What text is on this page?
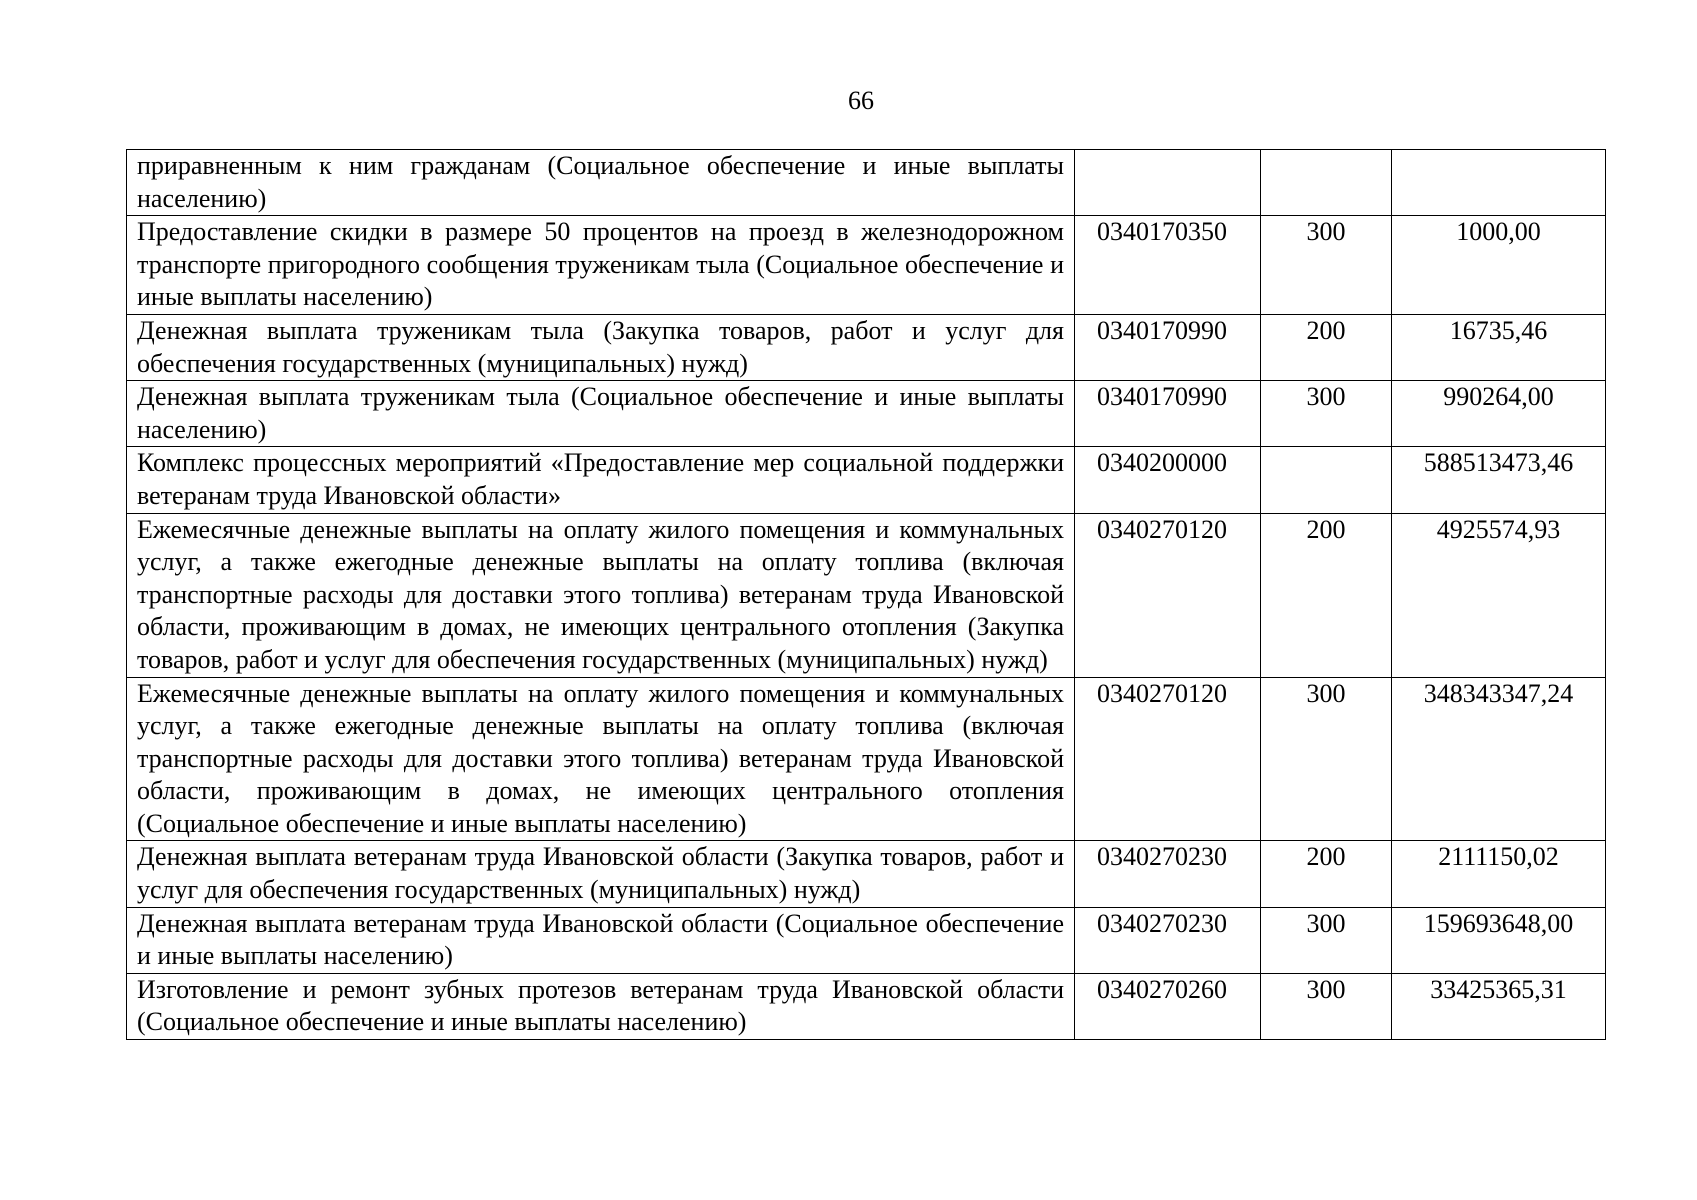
66
приравненным к ним гражданам (Социальное обеспечение и иные выплаты населению)			
Предоставление скидки в размере 50 процентов на проезд в железнодорожном транспорте пригородного сообщения труженикам тыла (Социальное обеспечение и иные выплаты населению)	0340170350	300	1000,00
Денежная выплата труженикам тыла (Закупка товаров, работ и услуг для обеспечения государственных (муниципальных) нужд)	0340170990	200	16735,46
Денежная выплата труженикам тыла (Социальное обеспечение и иные выплаты населению)	0340170990	300	990264,00
Комплекс процессных мероприятий «Предоставление мер социальной поддержки ветеранам труда Ивановской области»	0340200000		588513473,46
Ежемесячные денежные выплаты на оплату жилого помещения и коммунальных услуг, а также ежегодные денежные выплаты на оплату топлива (включая транспортные расходы для доставки этого топлива) ветеранам труда Ивановской области, проживающим в домах, не имеющих центрального отопления (Закупка товаров, работ и услуг для обеспечения государственных (муниципальных) нужд)	0340270120	200	4925574,93
Ежемесячные денежные выплаты на оплату жилого помещения и коммунальных услуг, а также ежегодные денежные выплаты на оплату топлива (включая транспортные расходы для доставки этого топлива) ветеранам труда Ивановской области, проживающим в домах, не имеющих центрального отопления (Социальное обеспечение и иные выплаты населению)	0340270120	300	348343347,24
Денежная выплата ветеранам труда Ивановской области (Закупка товаров, работ и услуг для обеспечения государственных (муниципальных) нужд)	0340270230	200	2111150,02
Денежная выплата ветеранам труда Ивановской области (Социальное обеспечение и иные выплаты населению)	0340270230	300	159693648,00
Изготовление и ремонт зубных протезов ветеранам труда Ивановской области (Социальное обеспечение и иные выплаты населению)	0340270260	300	33425365,31
